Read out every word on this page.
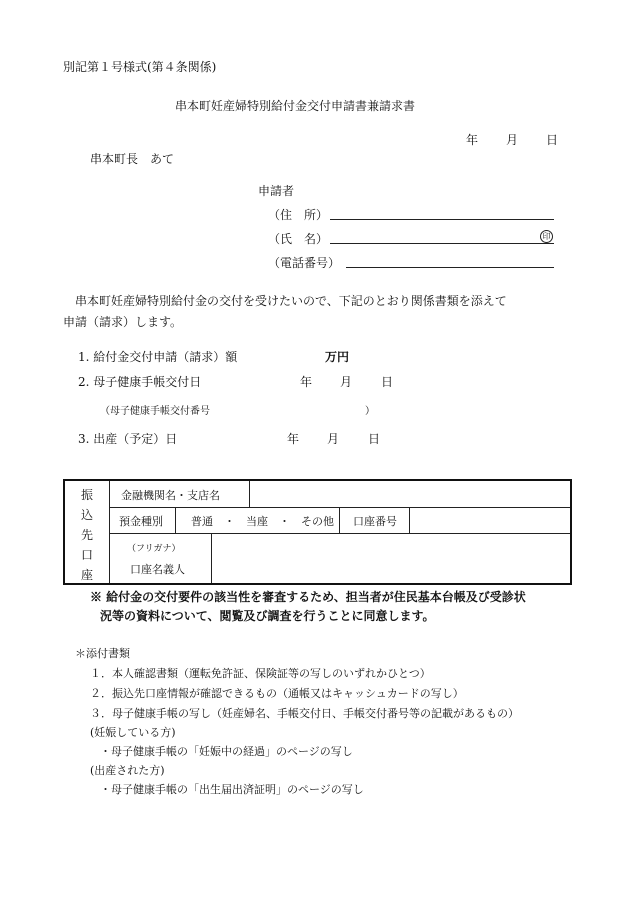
別記第１号様式(第４条関係)
串本町妊産婦特別給付金交付申請書兼請求書
年 月 日
串本町長　あて
申請者
（住　所）
（氏　名）	印
（電話番号）
串本町妊産婦特別給付金の交付を受けたいので、下記のとおり関係書類を添えて
申請（請求）します。
1. 給付金交付申請（請求）額	万円
2. 母子健康手帳交付日	年 月 日
（母子健康手帳交付番号	）
3. 出産（予定）日	年 月 日
振
込
先
口
座
金融機関名・支店名
預金種別	普通　・　当座　・　その他 口座番号
（フリガナ）
口座名義人
※ 給付金の交付要件の該当性を審査するため、担当者が住民基本台帳及び受診状
況等の資料について、閲覧及び調査を行うことに同意します。
＊添付書類
１．本人確認書類（運転免許証、保険証等の写しのいずれかひとつ）
２．振込先口座情報が確認できるもの（通帳又はキャッシュカードの写し）
３．母子健康手帳の写し（妊産婦名、手帳交付日、手帳交付番号等の記載があるもの）
(妊娠している方)
・母子健康手帳の「妊娠中の経過」のページの写し
(出産された方)
・母子健康手帳の「出生届出済証明」のページの写し
